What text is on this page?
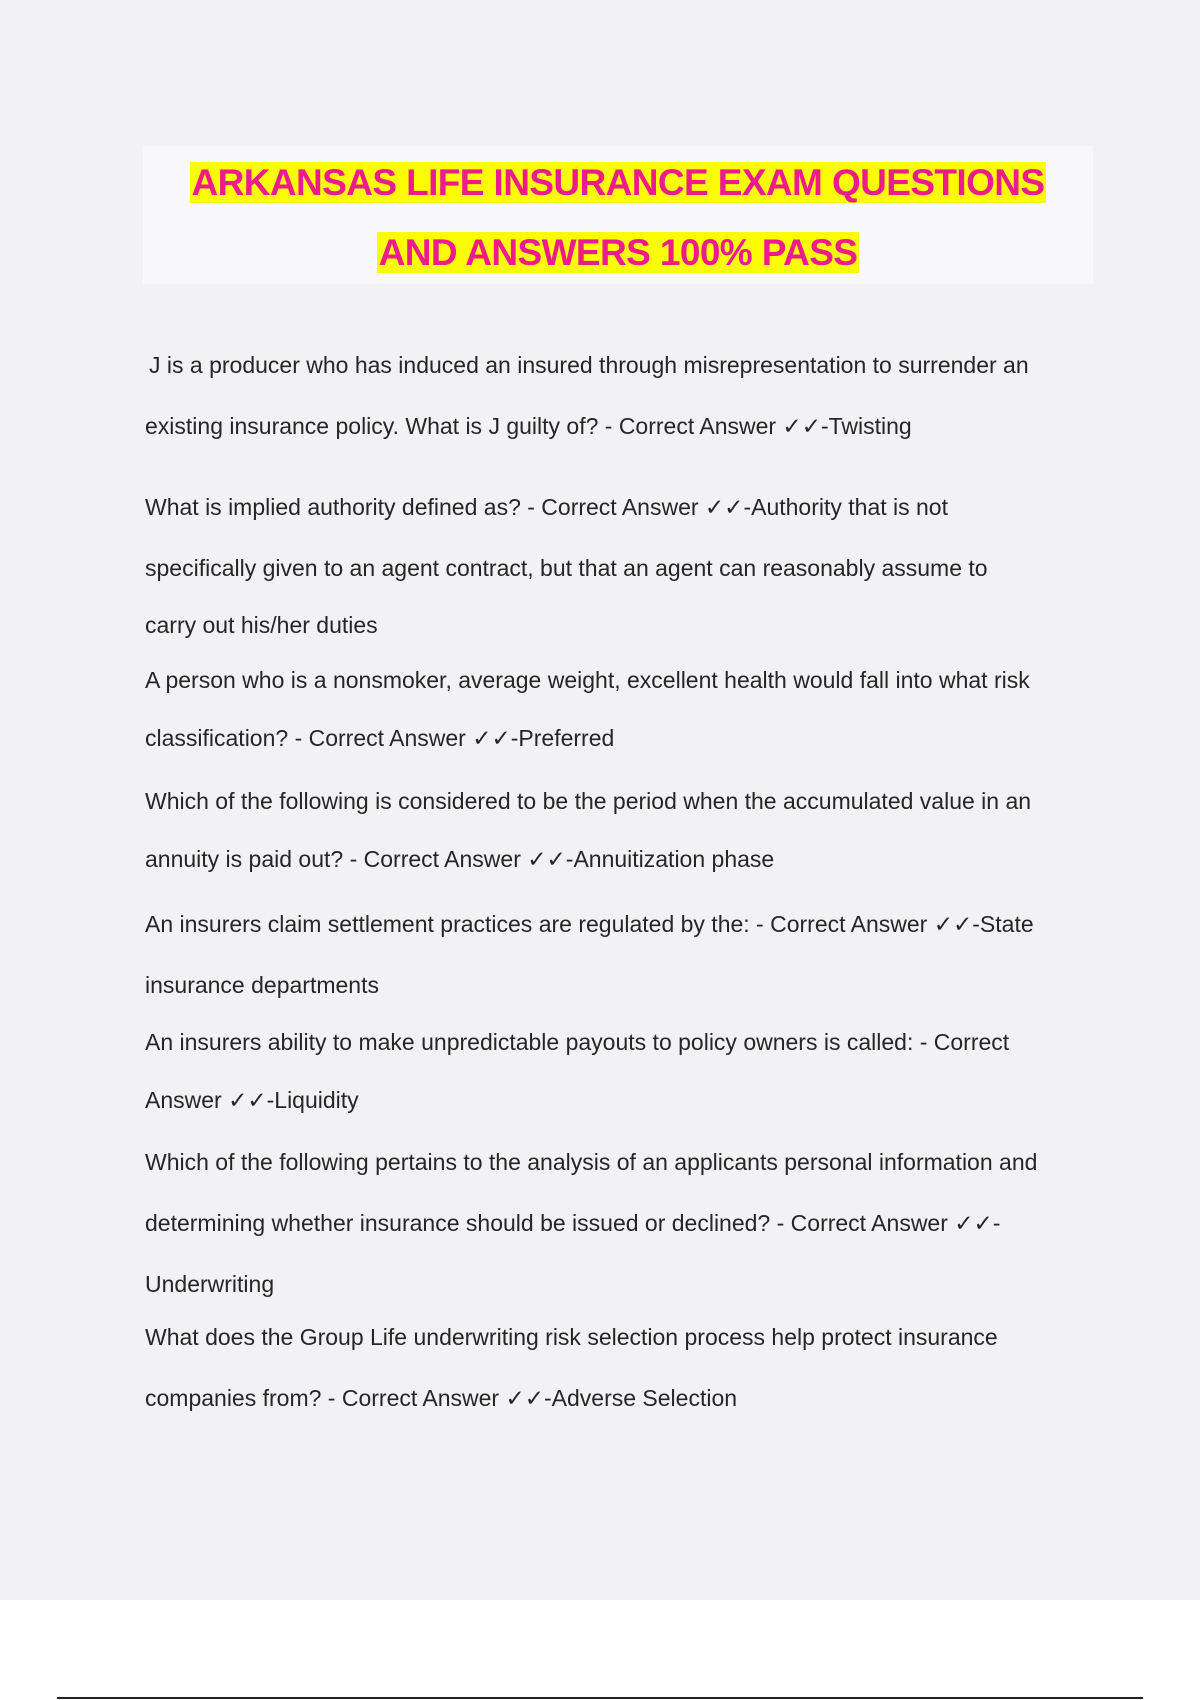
ARKANSAS LIFE INSURANCE EXAM QUESTIONS
AND ANSWERS 100% PASS
J is a producer who has induced an insured through misrepresentation to surrender an
existing insurance policy. What is J guilty of? - Correct Answer ✓✓-Twisting
What is implied authority defined as? - Correct Answer ✓✓-Authority that is not
specifically given to an agent contract, but that an agent can reasonably assume to
carry out his/her duties
A person who is a nonsmoker, average weight, excellent health would fall into what risk
classification? - Correct Answer ✓✓-Preferred
Which of the following is considered to be the period when the accumulated value in an
annuity is paid out? - Correct Answer ✓✓-Annuitization phase
An insurers claim settlement practices are regulated by the: - Correct Answer ✓✓-State
insurance departments
An insurers ability to make unpredictable payouts to policy owners is called: - Correct
Answer ✓✓-Liquidity
Which of the following pertains to the analysis of an applicants personal information and
determining whether insurance should be issued or declined? - Correct Answer ✓✓-
Underwriting
What does the Group Life underwriting risk selection process help protect insurance
companies from? - Correct Answer ✓✓-Adverse Selection
